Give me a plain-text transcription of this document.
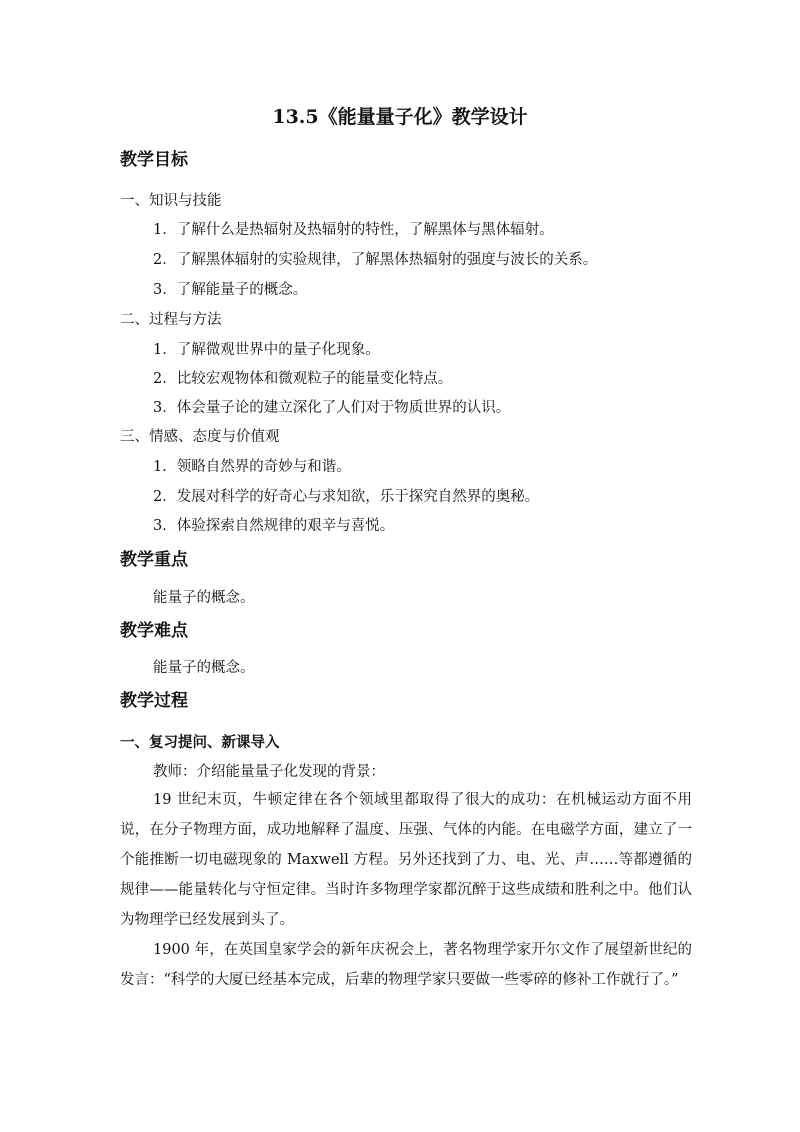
13.5《能量量子化》教学设计
教学目标
一、知识与技能
1．了解什么是热辐射及热辐射的特性，了解黑体与黑体辐射。
2．了解黑体辐射的实验规律，了解黑体热辐射的强度与波长的关系。
3．了解能量子的概念。
二、过程与方法
1．了解微观世界中的量子化现象。
2．比较宏观物体和微观粒子的能量变化特点。
3．体会量子论的建立深化了人们对于物质世界的认识。
三、情感、态度与价值观
1．领略自然界的奇妙与和谐。
2．发展对科学的好奇心与求知欲，乐于探究自然界的奥秘。
3．体验探索自然规律的艰辛与喜悦。
教学重点
能量子的概念。
教学难点
能量子的概念。
教学过程
一、复习提问、新课导入
教师：介绍能量量子化发现的背景：

19 世纪末页，牛顿定律在各个领域里都取得了很大的成功：在机械运动方面不用说，在分子物理方面，成功地解释了温度、压强、气体的内能。在电磁学方面，建立了一个能推断一切电磁现象的 Maxwell 方程。另外还找到了力、电、光、声……等都遵循的规律——能量转化与守恒定律。当时许多物理学家都沉醉于这些成绩和胜利之中。他们认为物理学已经发展到头了。

1900 年，在英国皇家学会的新年庆祝会上，著名物理学家开尔文作了展望新世纪的发言：“科学的大厦已经基本完成，后辈的物理学家只要做一些零碎的修补工作就行了。”
